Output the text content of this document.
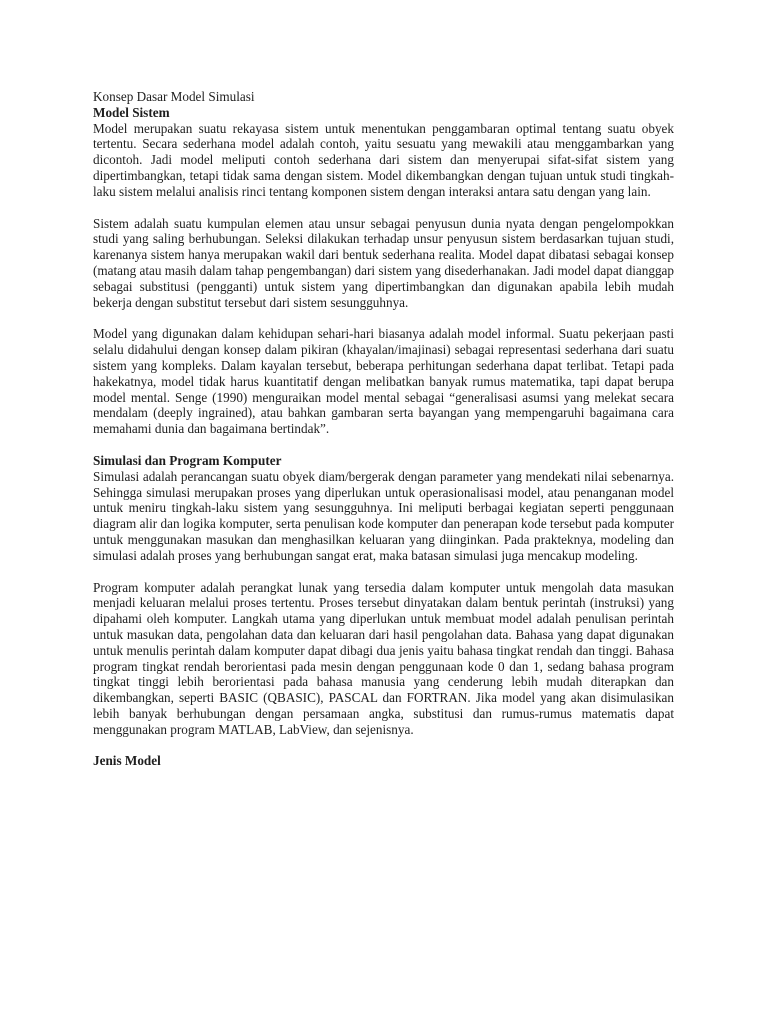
Konsep Dasar Model Simulasi

Model Sistem

Model merupakan suatu rekayasa sistem untuk menentukan penggambaran optimal tentang suatu obyek tertentu. Secara sederhana model adalah contoh, yaitu sesuatu yang mewakili atau menggambarkan yang dicontoh. Jadi model meliputi contoh sederhana dari sistem dan menyerupai sifat-sifat sistem yang dipertimbangkan, tetapi tidak sama dengan sistem. Model dikembangkan dengan tujuan untuk studi tingkah-laku sistem melalui analisis rinci tentang komponen sistem dengan interaksi antara satu dengan yang lain.

Sistem adalah suatu kumpulan elemen atau unsur sebagai penyusun dunia nyata dengan pengelompokkan studi yang saling berhubungan. Seleksi dilakukan terhadap unsur penyusun sistem berdasarkan tujuan studi, karenanya sistem hanya merupakan wakil dari bentuk sederhana realita. Model dapat dibatasi sebagai konsep (matang atau masih dalam tahap pengembangan) dari sistem yang disederhanakan. Jadi model dapat dianggap sebagai substitusi (pengganti) untuk sistem yang dipertimbangkan dan digunakan apabila lebih mudah bekerja dengan substitut tersebut dari sistem sesungguhnya.

Model yang digunakan dalam kehidupan sehari-hari biasanya adalah model informal. Suatu pekerjaan pasti selalu didahului dengan konsep dalam pikiran (khayalan/imajinasi) sebagai representasi sederhana dari suatu sistem yang kompleks. Dalam kayalan tersebut, beberapa perhitungan sederhana dapat terlibat. Tetapi pada hakekatnya, model tidak harus kuantitatif dengan melibatkan banyak rumus matematika, tapi dapat berupa model mental. Senge (1990) menguraikan model mental sebagai “generalisasi asumsi yang melekat secara mendalam (deeply ingrained), atau bahkan gambaran serta bayangan yang mempengaruhi bagaimana cara memahami dunia dan bagaimana bertindak”.

Simulasi dan Program Komputer

Simulasi adalah perancangan suatu obyek diam/bergerak dengan parameter yang mendekati nilai sebenarnya. Sehingga simulasi merupakan proses yang diperlukan untuk operasionalisasi model, atau penanganan model untuk meniru tingkah-laku sistem yang sesungguhnya. Ini meliputi berbagai kegiatan seperti penggunaan diagram alir dan logika komputer, serta penulisan kode komputer dan penerapan kode tersebut pada komputer untuk menggunakan masukan dan menghasilkan keluaran yang diinginkan. Pada prakteknya, modeling dan simulasi adalah proses yang berhubungan sangat erat, maka batasan simulasi juga mencakup modeling.

Program komputer adalah perangkat lunak yang tersedia dalam komputer untuk mengolah data masukan menjadi keluaran melalui proses tertentu. Proses tersebut dinyatakan dalam bentuk perintah (instruksi) yang dipahami oleh komputer. Langkah utama yang diperlukan untuk membuat model adalah penulisan perintah untuk masukan data, pengolahan data dan keluaran dari hasil pengolahan data. Bahasa yang dapat digunakan untuk menulis perintah dalam komputer dapat dibagi dua jenis yaitu bahasa tingkat rendah dan tinggi. Bahasa program tingkat rendah berorientasi pada mesin dengan penggunaan kode 0 dan 1, sedang bahasa program tingkat tinggi lebih berorientasi pada bahasa manusia yang cenderung lebih mudah diterapkan dan dikembangkan, seperti BASIC (QBASIC), PASCAL dan FORTRAN. Jika model yang akan disimulasikan lebih banyak berhubungan dengan persamaan angka, substitusi dan rumus-rumus matematis dapat menggunakan program MATLAB, LabView, dan sejenisnya.

Jenis Model
